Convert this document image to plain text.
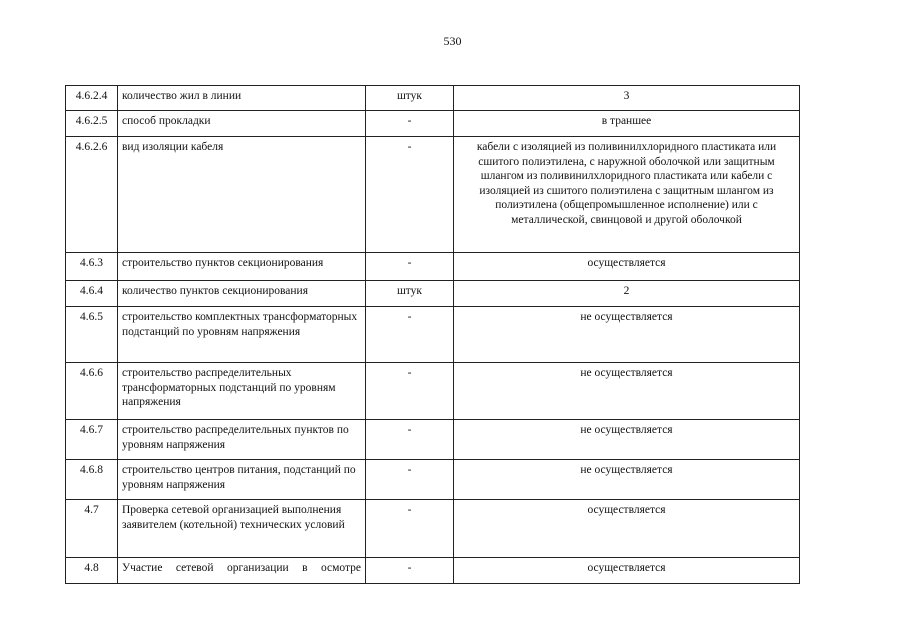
530
4.6.2.4	количество жил в линии	штук	3
4.6.2.5	способ прокладки	-	в траншее
4.6.2.6	вид изоляции кабеля	-	кабели с изоляцией из поливинилхлоридного пластиката или сшитого полиэтилена, с наружной оболочкой или защитным шлангом из поливинилхлоридного пластиката или кабели с изоляцией из сшитого полиэтилена с защитным шлангом из полиэтилена (общепромышленное исполнение) или с металлической, свинцовой и другой оболочкой
4.6.3	строительство пунктов секционирования	-	осуществляется
4.6.4	количество пунктов секционирования	штук	2
4.6.5	строительство комплектных трансформаторных подстанций по уровням напряжения	-	не осуществляется
4.6.6	строительство распределительных трансформаторных подстанций по уровням напряжения	-	не осуществляется
4.6.7	строительство распределительных пунктов по уровням напряжения	-	не осуществляется
4.6.8	строительство центров питания, подстанций по уровням напряжения	-	не осуществляется
4.7	Проверка сетевой организацией выполнения заявителем (котельной) технических условий	-	осуществляется
4.8	Участие сетевой организации в осмотре	-	осуществляется
